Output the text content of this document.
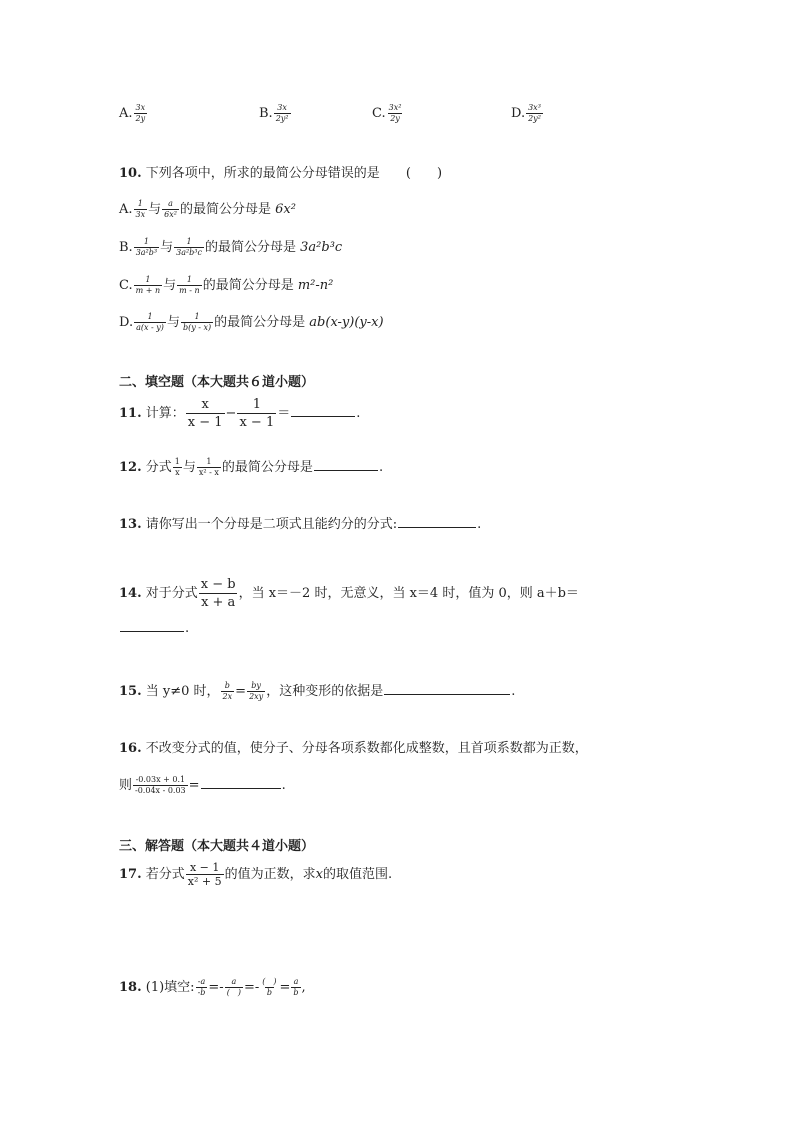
A. $\frac{3x}{2y}$	B. $\frac{3x}{\text{2y²}}$	C. $\frac{\text{3x²}}{2y}$	D. $\frac{\text{3x³}}{\text{2y²}}$
10. 下列各项中，所求的最简公分母错误的是 (　　)
A. $\frac{1}{3x}$ 与 $\frac{a}{\text{6x²}}$ 的最简公分母是 6x²
B. $\frac{1}{\text{3a²b³}}$ 与 $\frac{1}{\text{3a²b³c}}$ 的最简公分母是 3a²b³c
C. $\frac{1}{m + n}$ 与 $\frac{1}{m - n}$ 的最简公分母是 m²-n²
D. $\frac{1}{a(x - y)}$ 与 $\frac{1}{b(y - x)}$ 的最简公分母是 ab(x-y)(y-x)
二、填空题（本大题共６道小题）
11. 计算： $\frac{x}{x - 1} - \frac{1}{x - 1}$ ＝	.
12. 分式 $\frac{1}{x}$ 与 $\frac{1}{\text{x² - x}}$ 的最简公分母是	.
13. 请你写出一个分母是二项式且能约分的分式:	.
14. 对于分式 $\frac{x - b}{x + a}$ ，当 x＝－2 时，无意义，当 x＝4 时，值为 0，则 a＋b＝
.
15. 当 y≠0 时， $\frac{b}{2x} = \frac{by}{2xy}$ ，这种变形的依据是	.
16. 不改变分式的值，使分子、分母各项系数都化成整数，且首项系数都为正数，
则 $\frac{-0.03x + 0.1}{-0.04x - 0.03}$ =	.
三、解答题（本大题共４道小题）
17. 若分式 $\frac{x - 1}{\text{x² + 5}}$ 的值为正数，求x的取值范围.
18. (1)填空: $\frac{-a}{-b} =- \frac{a}{( )} =- \frac{( )}{b} = \frac{a}{b}$ ,
